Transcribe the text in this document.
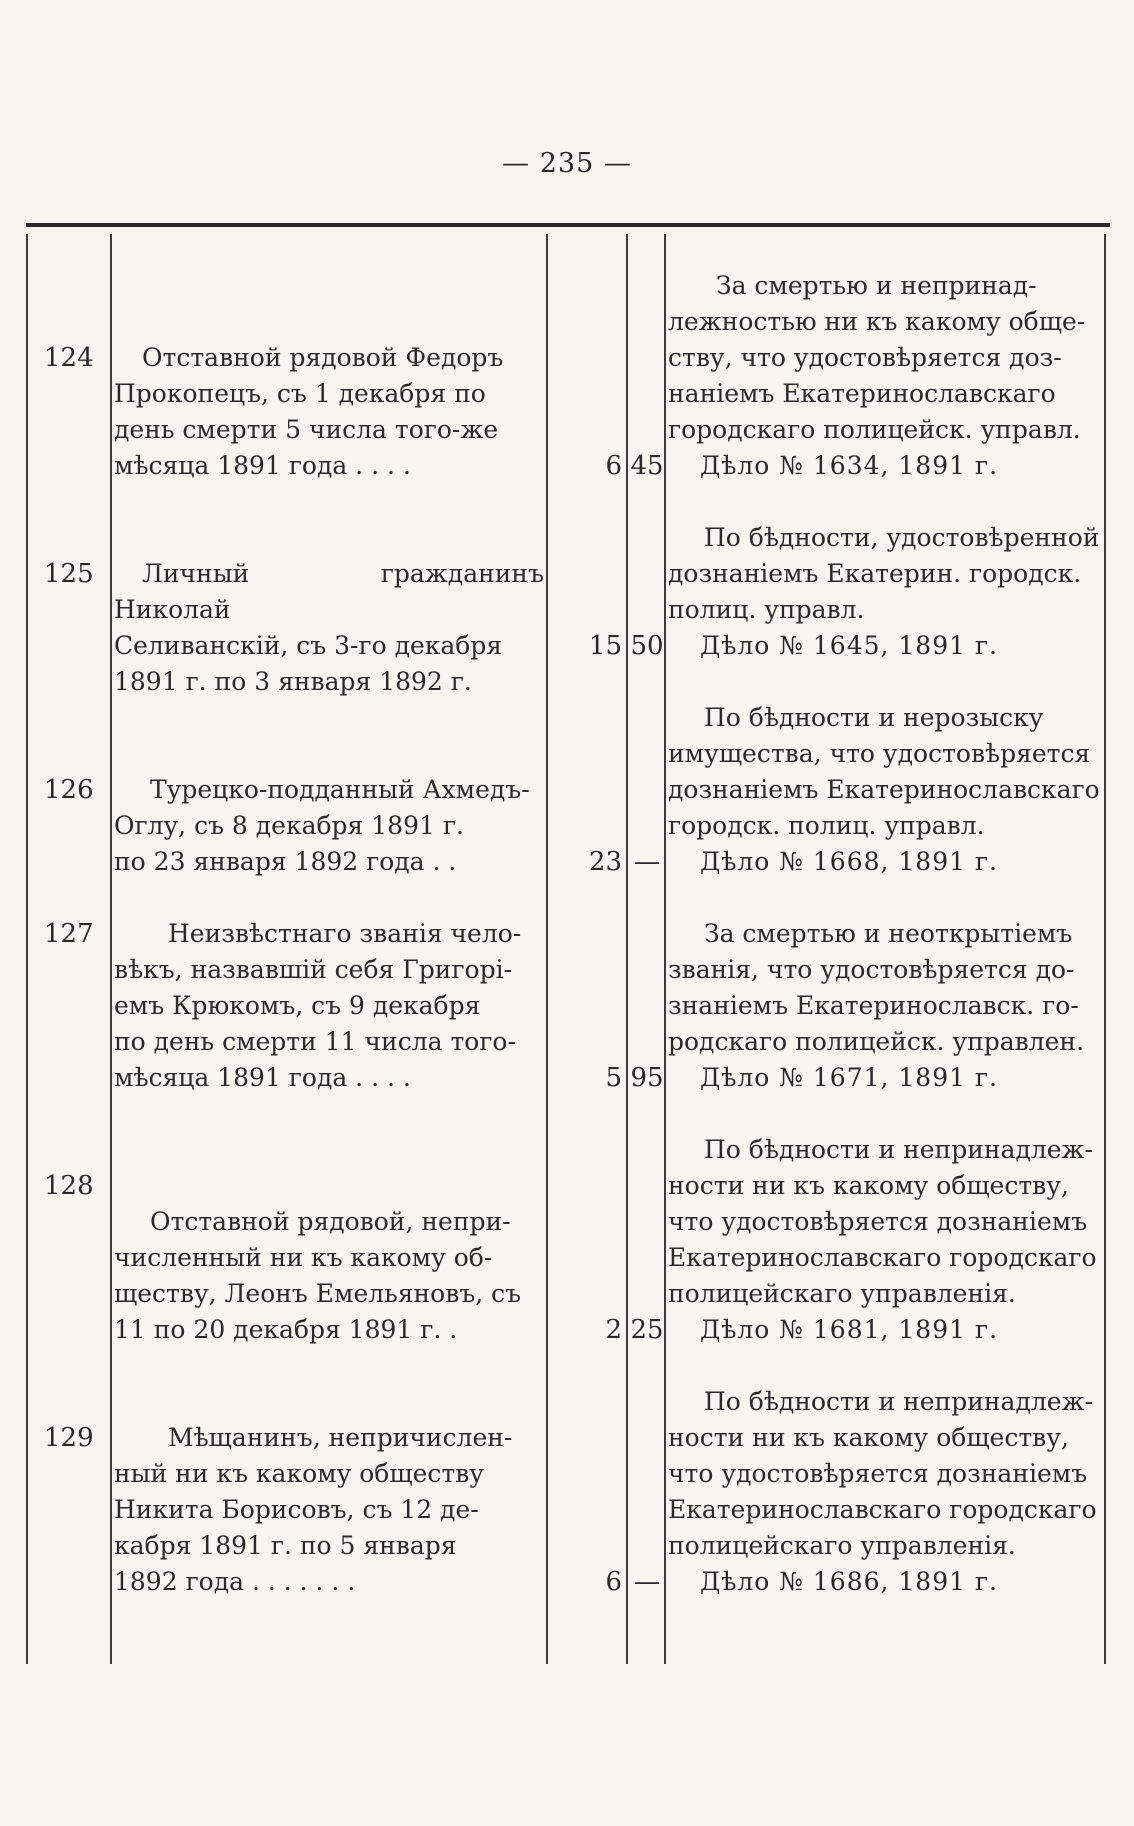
— 235 —
124	Отставной рядовой Федоръ
Прокопецъ, съ 1 декабря по
день смерти 5 числа того-же
мѣсяца 1891 года . . . .	6 45
За смертью и непринад-
лежностью ни къ какому обще-
ству, что удостовѣряется доз-
наніемъ Екатеринославскаго
городскаго полицейск. управл.
Дѣло № 1634, 1891 г.
125	Личный гражданинъ Николай
Селиванскій, съ 3-го декабря
1891 г. по 3 января 1892 г.
15 50
По бѣдности, удостовѣренной
дознаніемъ Екатерин. городск.
полиц. управл.
Дѣло № 1645, 1891 г.
126	Турецко-подданный Ахмедъ-
Оглу, съ 8 декабря 1891 г.
по 23 января 1892 года . .	23 —
По бѣдности и нерозыску
имущества, что удостовѣряется
дознаніемъ Екатеринославскаго
городск. полиц. управл.
Дѣло № 1668, 1891 г.
127	Неизвѣстнаго званія чело-
вѣкъ, назвавшій себя Григорі-
емъ Крюкомъ, съ 9 декабря
по день смерти 11 числа того-
мѣсяца 1891 года . . . .	5 95
За смертью и неоткрытіемъ
званія, что удостовѣряется до-
знаніемъ Екатеринославск. го-
родскаго полицейск. управлен.
Дѣло № 1671, 1891 г.
128
Отставной рядовой, непри-
численный ни къ какому об-
ществу, Леонъ Емельяновъ, съ
11 по 20 декабря 1891 г. .	2 25
По бѣдности и непринадлеж-
ности ни къ какому обществу,
что удостовѣряется дознаніемъ
Екатеринославскаго городскаго
полицейскаго управленія.
Дѣло № 1681, 1891 г.
129	Мѣщанинъ, непричислен-
ный ни къ какому обществу
Никита Борисовъ, съ 12 де-
кабря 1891 г. по 5 января
1892 года . . . . . . .	6 —
По бѣдности и непринадлеж-
ности ни къ какому обществу,
что удостовѣряется дознаніемъ
Екатеринославскаго городскаго
полицейскаго управленія.
Дѣло № 1686, 1891 г.
